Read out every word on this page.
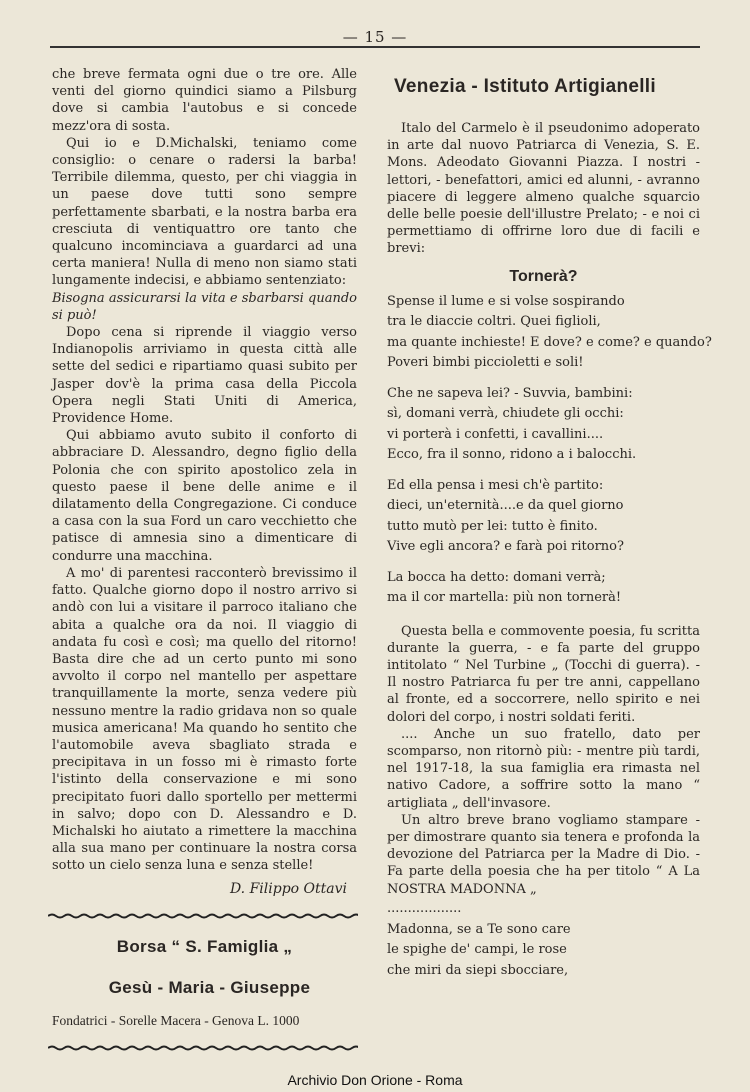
— 15 —

che breve fermata ogni due o tre ore. Alle venti del giorno quindici siamo a Pilsburg dove si cambia l'autobus e si concede mezz'ora di sosta.

Qui io e D.Michalski, teniamo come consiglio: o cenare o radersi la barba! Terribile dilemma, questo, per chi viaggia in un paese dove tutti sono sempre perfettamente sbarbati, e la nostra barba era cresciuta di ventiquattro ore tanto che qualcuno incominciava a guardarci ad una certa maniera! Nulla di meno non siamo stati lungamente indecisi, e abbiamo sentenziato:

Bisogna assicurarsi la vita e sbarbarsi quando si può!

Dopo cena si riprende il viaggio verso Indianopolis arriviamo in questa città alle sette del sedici e ripartiamo quasi subito per Jasper dov'è la prima casa della Piccola Opera negli Stati Uniti di America, Providence Home.

Qui abbiamo avuto subito il conforto di abbraciare D. Alessandro, degno figlio della Polonia che con spirito apostolico zela in questo paese il bene delle anime e il dilatamento della Congregazione. Ci conduce a casa con la sua Ford un caro vecchietto che patisce di amnesia sino a dimenticare di condurre una macchina.

A mo' di parentesi racconterò brevissimo il fatto. Qualche giorno dopo il nostro arrivo si andò con lui a visitare il parroco italiano che abita a qualche ora da noi. Il viaggio di andata fu così e così; ma quello del ritorno! Basta dire che ad un certo punto mi sono avvolto il corpo nel mantello per aspettare tranquillamente la morte, senza vedere più nessuno mentre la radio gridava non so quale musica americana! Ma quando ho sentito che l'automobile aveva sbagliato strada e precipitava in un fosso mi è rimasto forte l'istinto della conservazione e mi sono precipitato fuori dallo sportello per mettermi in salvo; dopo con D. Alessandro e D. Michalski ho aiutato a rimettere la macchina alla sua mano per continuare la nostra corsa sotto un cielo senza luna e senza stelle!

D. Filippo Ottavi
Borsa “ S. Famiglia „
Gesù - Maria - Giuseppe
Fondatrici - Sorelle Macera - Genova L. 1000
Venezia - Istituto Artigianelli

Italo del Carmelo è il pseudonimo adoperato in arte dal nuovo Patriarca di Venezia, S. E. Mons. Adeodato Giovanni Piazza. I nostri - lettori, - benefattori, amici ed alunni, - avranno piacere di leggere almeno qualche squarcio delle belle poesie dell'illustre Prelato; - e noi ci permettiamo di offrirne loro due di facili e brevi:

Tornerà?
Spense il lume e si volse sospirando
tra le diaccie coltri. Quei figlioli,
ma quante inchieste! E dove? e come? e quando?
Poveri bimbi piccioletti e soli!
Che ne sapeva lei? - Suvvia, bambini:
sì, domani verrà, chiudete gli occhi:
vi porterà i confetti, i cavallini....
Ecco, fra il sonno, ridono a i balocchi.
Ed ella pensa i mesi ch'è partito:
dieci, un'eternità....e da quel giorno
tutto mutò per lei: tutto è finito.
Vive egli ancora? e farà poi ritorno?
La bocca ha detto: domani verrà;
ma il cor martella: più non tornerà!

Questa bella e commovente poesia, fu scritta durante la guerra, - e fa parte del gruppo intitolato “ Nel Turbine „ (Tocchi di guerra). - Il nostro Patriarca fu per tre anni, cappellano al fronte, ed a soccorrere, nello spirito e nei dolori del corpo, i nostri soldati feriti.

.... Anche un suo fratello, dato per scomparso, non ritornò più: - mentre più tardi, nel 1917-18, la sua famiglia era rimasta nel nativo Cadore, a soffrire sotto la mano “ artigliata „ dell'invasore.

Un altro breve brano vogliamo stampare - per dimostrare quanto sia tenera e profonda la devozione del Patriarca per la Madre di Dio. - Fa parte della poesia che ha per titolo “ A La NOSTRA MADONNA „

..................
Madonna, se a Te sono care
le spighe de' campi, le rose
che miri da siepi sbocciare,
Archivio Don Orione - Roma
